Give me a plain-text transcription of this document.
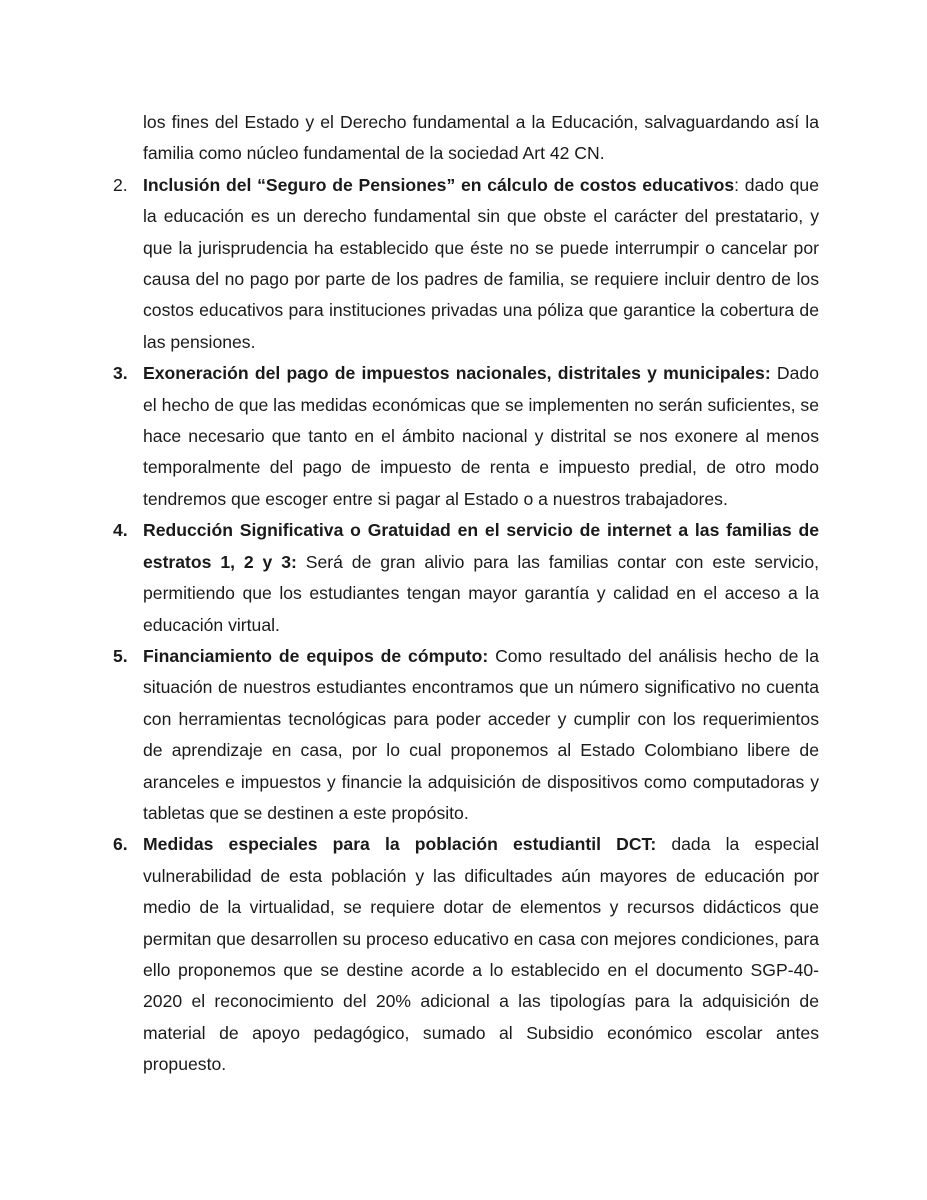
los fines del Estado y el Derecho fundamental a la Educación, salvaguardando así la familia como núcleo fundamental de la sociedad Art 42 CN.

2. Inclusión del “Seguro de Pensiones” en cálculo de costos educativos: dado que la educación es un derecho fundamental sin que obste el carácter del prestatario, y que la jurisprudencia ha establecido que éste no se puede interrumpir o cancelar por causa del no pago por parte de los padres de familia, se requiere incluir dentro de los costos educativos para instituciones privadas una póliza que garantice la cobertura de las pensiones.
3. Exoneración del pago de impuestos nacionales, distritales y municipales: Dado el hecho de que las medidas económicas que se implementen no serán suficientes, se hace necesario que tanto en el ámbito nacional y distrital se nos exonere al menos temporalmente del pago de impuesto de renta e impuesto predial, de otro modo tendremos que escoger entre si pagar al Estado o a nuestros trabajadores.
4. Reducción Significativa o Gratuidad en el servicio de internet a las familias de estratos 1, 2 y 3: Será de gran alivio para las familias contar con este servicio, permitiendo que los estudiantes tengan mayor garantía y calidad en el acceso a la educación virtual.
5. Financiamiento de equipos de cómputo: Como resultado del análisis hecho de la situación de nuestros estudiantes encontramos que un número significativo no cuenta con herramientas tecnológicas para poder acceder y cumplir con los requerimientos de aprendizaje en casa, por lo cual proponemos al Estado Colombiano libere de aranceles e impuestos y financie la adquisición de dispositivos como computadoras y tabletas que se destinen a este propósito.
6. Medidas especiales para la población estudiantil DCT: dada la especial vulnerabilidad de esta población y las dificultades aún mayores de educación por medio de la virtualidad, se requiere dotar de elementos y recursos didácticos que permitan que desarrollen su proceso educativo en casa con mejores condiciones, para ello proponemos que se destine acorde a lo establecido en el documento SGP-40-2020 el reconocimiento del 20% adicional a las tipologías para la adquisición de material de apoyo pedagógico, sumado al Subsidio económico escolar antes propuesto.
